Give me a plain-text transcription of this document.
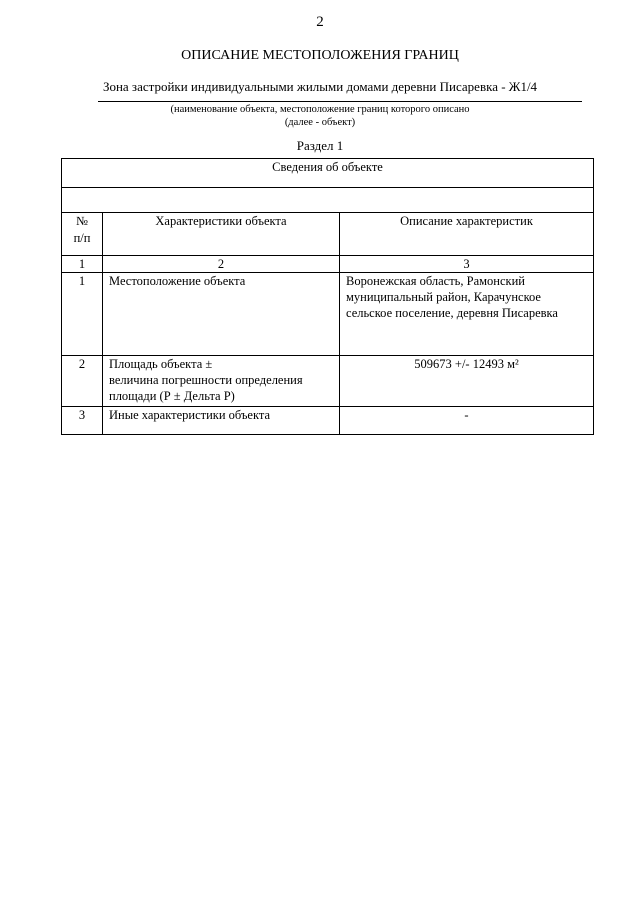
2
ОПИСАНИЕ МЕСТОПОЛОЖЕНИЯ ГРАНИЦ
Зона застройки индивидуальными жилыми домами деревни Писаревка - Ж1/4
(наименование объекта, местоположение границ которого описано
(далее - объект)
Раздел 1
Сведения об объекте		

№
п/п	Характеристики объекта	Описание характеристик
1	2	3
1	Местоположение объекта	Воронежская область, Рамонский муниципальный район, Карачунское сельское поселение, деревня Писаревка
2	Площадь объекта ±
величина погрешности определения
площади (Р ± Дельта Р)	509673 +/- 12493 м²
3	Иные характеристики объекта	-
